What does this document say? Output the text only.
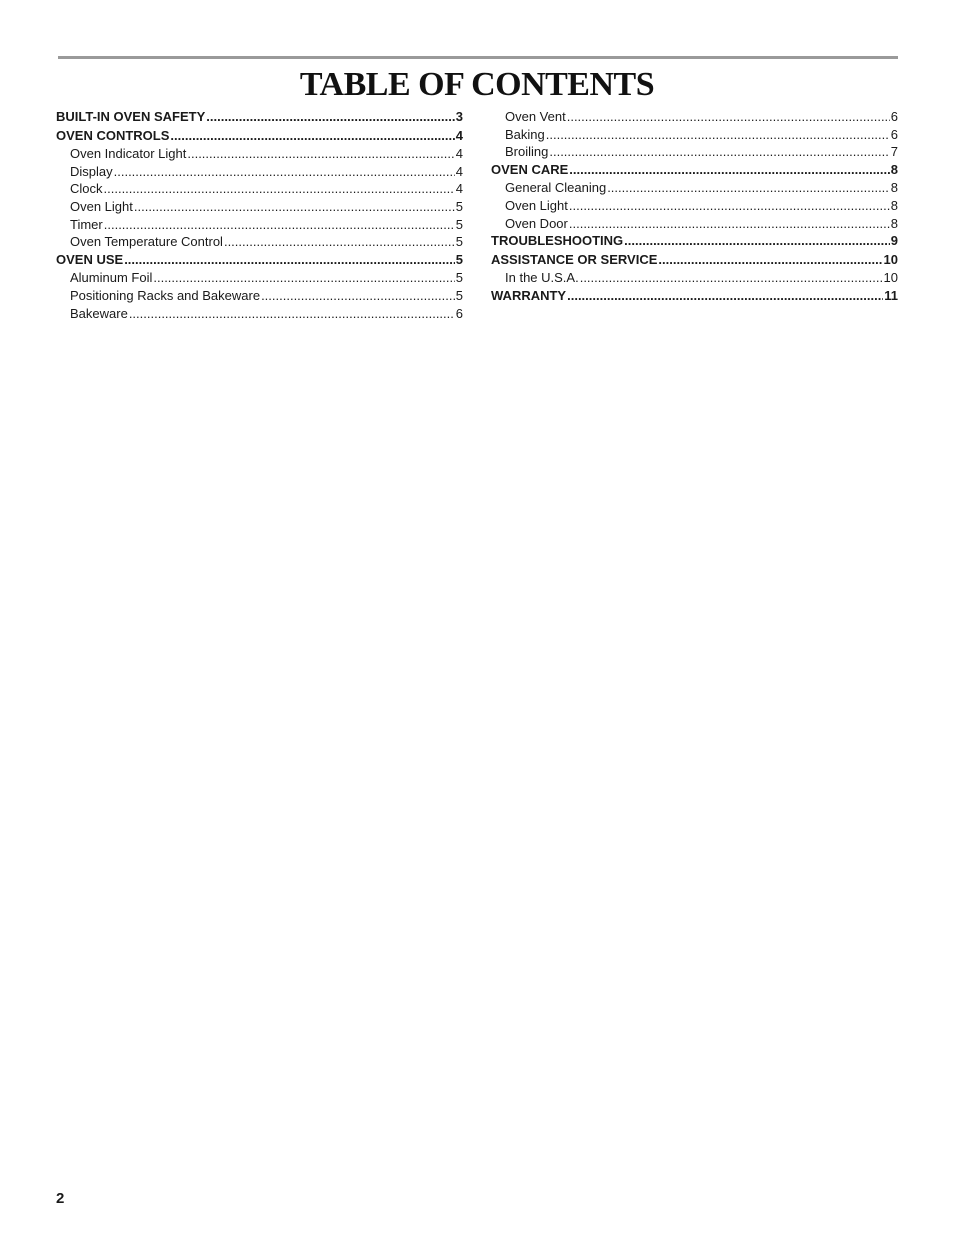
TABLE OF CONTENTS
BUILT-IN OVEN SAFETY .....	3
OVEN CONTROLS .....	4
Oven Indicator Light .....	4
Display .....	4
Clock .....	4
Oven Light .....	5
Timer .....	5
Oven Temperature Control .....	5
OVEN USE .....	5
Aluminum Foil .....	5
Positioning Racks and Bakeware .....	5
Bakeware .....	6
Oven Vent .....	6
Baking .....	6
Broiling .....	7
OVEN CARE .....	8
General Cleaning .....	8
Oven Light .....	8
Oven Door .....	8
TROUBLESHOOTING .....	9
ASSISTANCE OR SERVICE .....	10
In the U.S.A. .....	10
WARRANTY .....	11
2
